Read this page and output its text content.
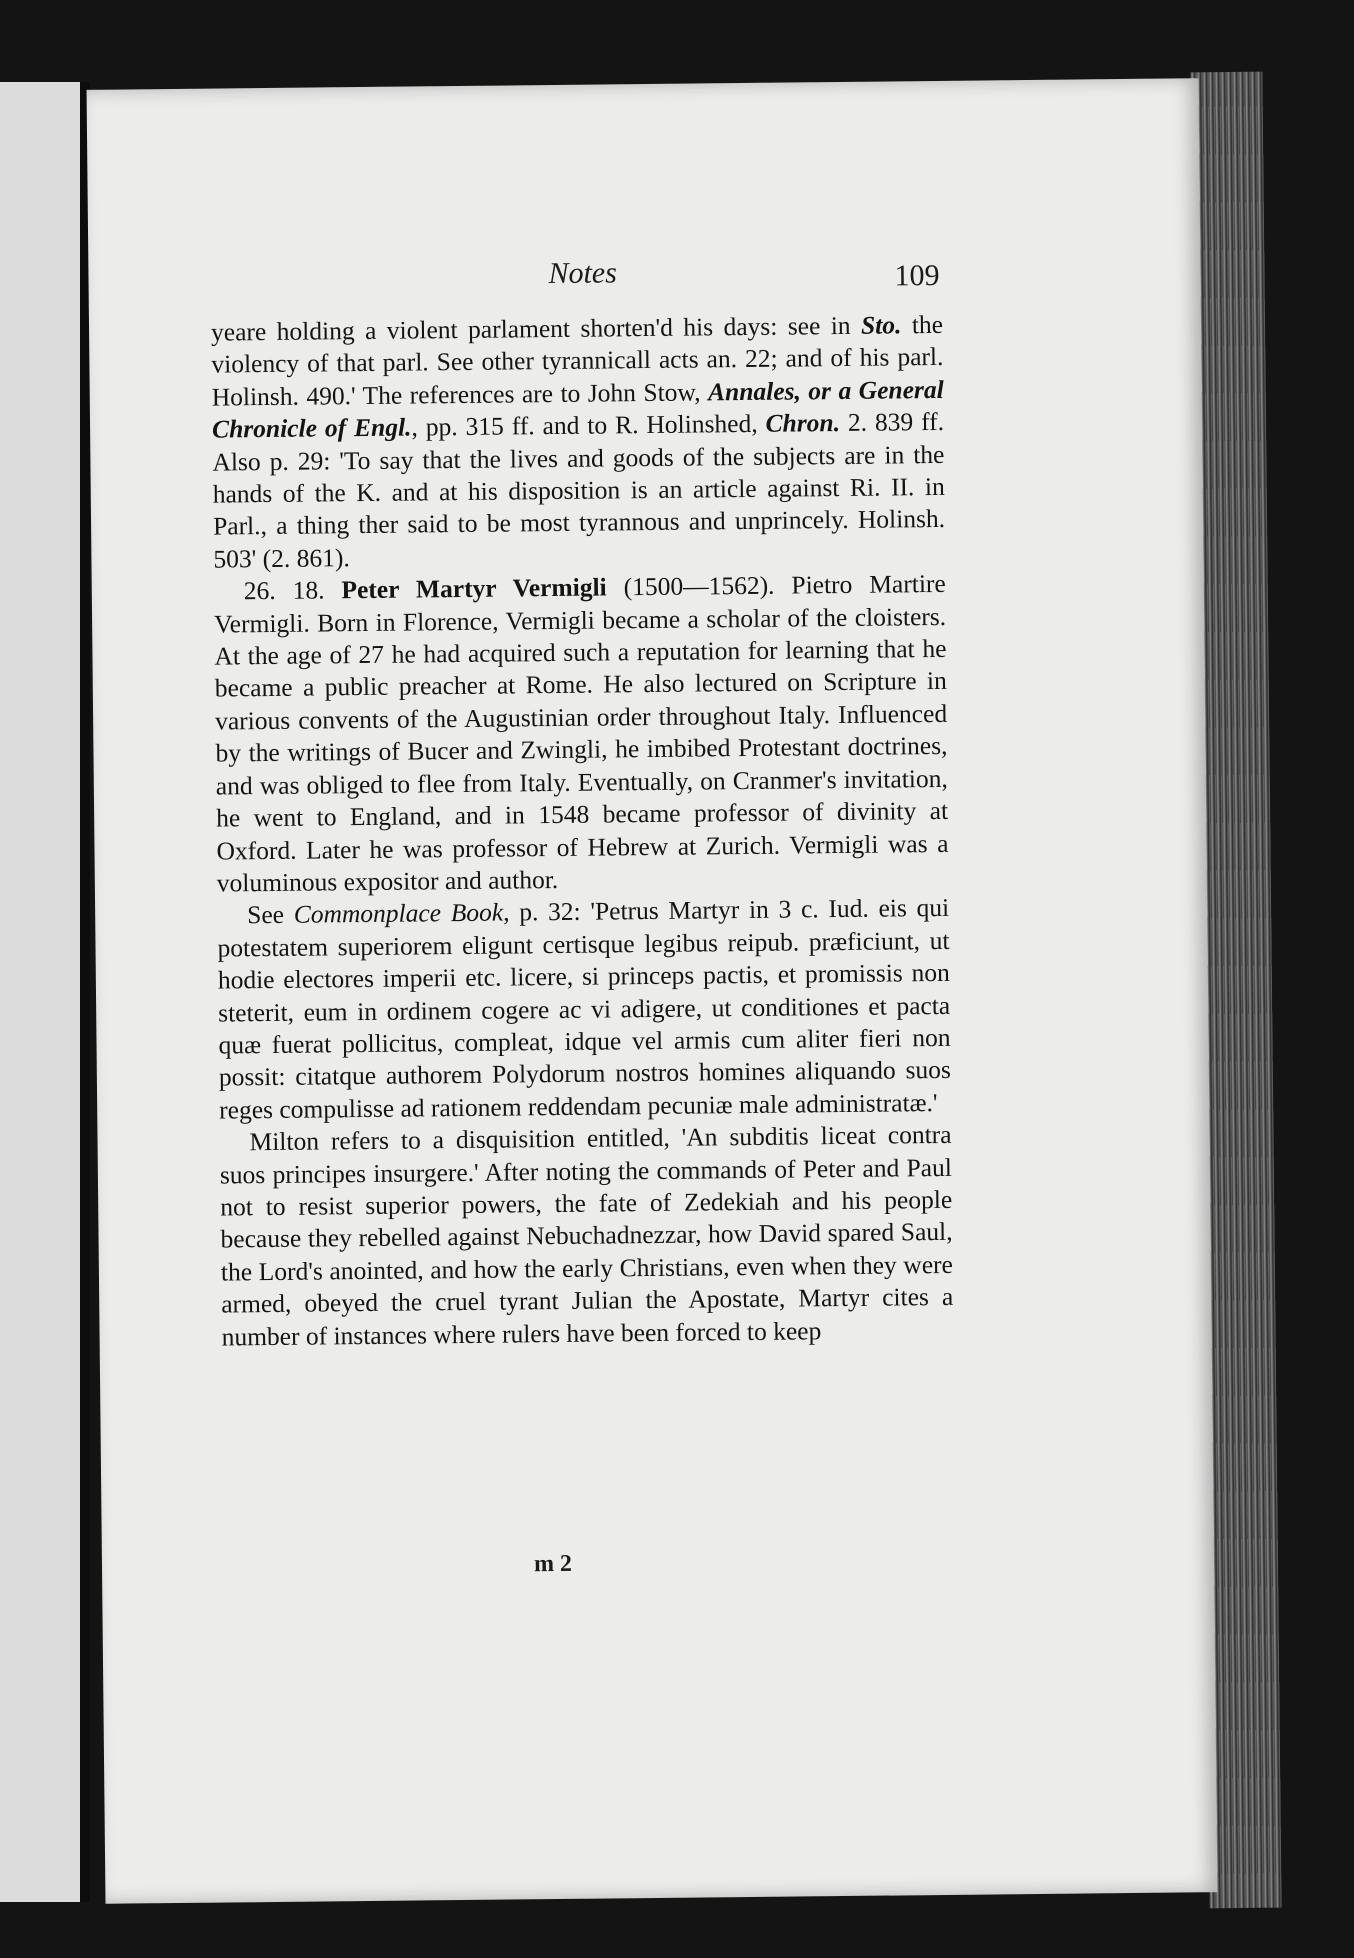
Notes	109

yeare holding a violent parlament shorten'd his days: see in Sto. the violency of that parl. See other tyrannicall acts an. 22; and of his parl. Holinsh. 490.' The references are to John Stow, Annales, or a General Chronicle of Engl., pp. 315 ff. and to R. Holinshed, Chron. 2. 839 ff. Also p. 29: 'To say that the lives and goods of the subjects are in the hands of the K. and at his disposition is an article against Ri. II. in Parl., a thing ther said to be most tyrannous and unprincely. Holinsh. 503' (2. 861).

26. 18. Peter Martyr Vermigli (1500—1562). Pietro Martire Vermigli. Born in Florence, Vermigli became a scholar of the cloisters. At the age of 27 he had acquired such a reputation for learning that he became a public preacher at Rome. He also lectured on Scripture in various convents of the Augustinian order throughout Italy. Influenced by the writings of Bucer and Zwingli, he imbibed Protestant doctrines, and was obliged to flee from Italy. Eventually, on Cranmer's invitation, he went to England, and in 1548 became professor of divinity at Oxford. Later he was professor of Hebrew at Zurich. Vermigli was a voluminous expositor and author.

See Commonplace Book, p. 32: 'Petrus Martyr in 3 c. Iud. eis qui potestatem superiorem eligunt certisque legibus reipub. præficiunt, ut hodie electores imperii etc. licere, si princeps pactis, et promissis non steterit, eum in ordinem cogere ac vi adigere, ut conditiones et pacta quæ fuerat pollicitus, compleat, idque vel armis cum aliter fieri non possit: citatque authorem Polydorum nostros homines aliquando suos reges compulisse ad rationem reddendam pecuniæ male administratæ.'

Milton refers to a disquisition entitled, 'An subditis liceat contra suos principes insurgere.' After noting the commands of Peter and Paul not to resist superior powers, the fate of Zedekiah and his people because they rebelled against Nebuchadnezzar, how David spared Saul, the Lord's anointed, and how the early Christians, even when they were armed, obeyed the cruel tyrant Julian the Apostate, Martyr cites a number of instances where rulers have been forced to keep

m 2
